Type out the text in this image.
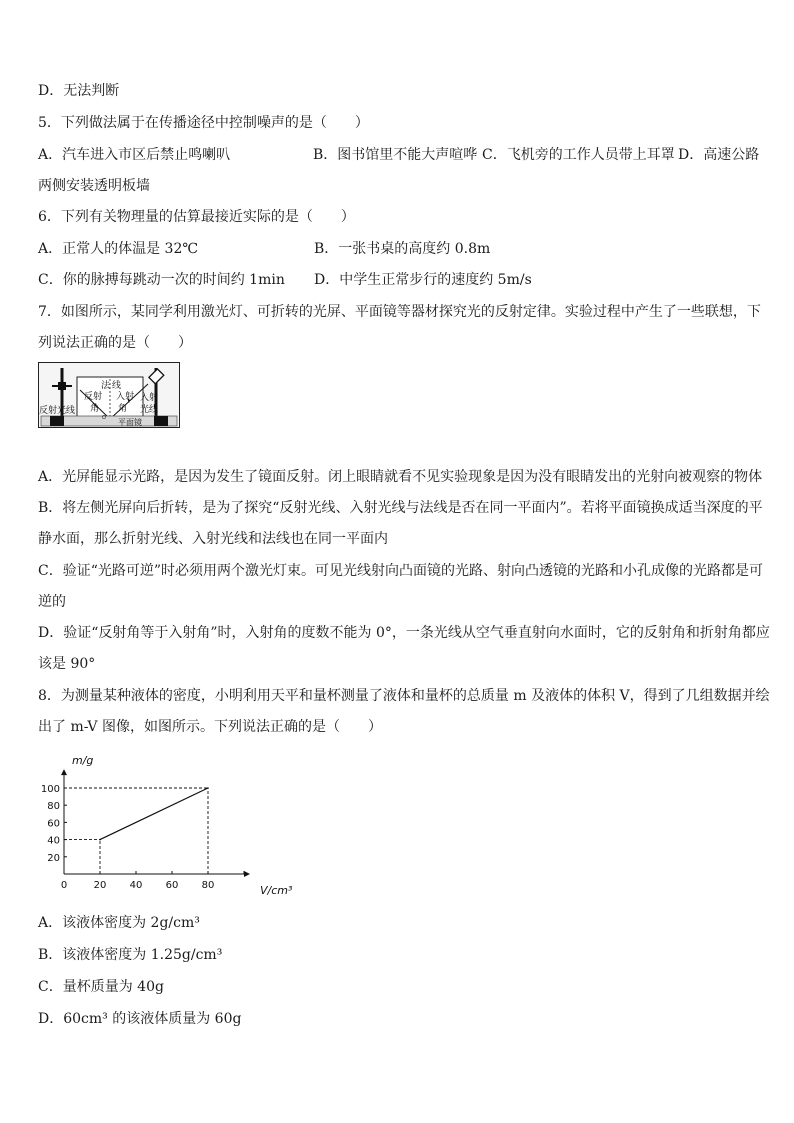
D．无法判断
5．下列做法属于在传播途径中控制噪声的是（　　）
A．汽车进入市区后禁止鸣喇叭	B．图书馆里不能大声喧哗 C．飞机旁的工作人员带上耳罩 D．高速公路
两侧安装透明板墙
6．下列有关物理量的估算最接近实际的是（　　）
A．正常人的体温是 32℃	B．一张书桌的高度约 0.8m
C．你的脉搏每跳动一次的时间约 1min D．中学生正常步行的速度约 5m/s
7．如图所示，某同学利用激光灯、可折转的光屏、平面镜等器材探究光的反射定律。实验过程中产生了一些联想，下
列说法正确的是（　　）
O
法 线
反射
角
入射
角
反射光线
入射
光线
平面镜
A．光屏能显示光路，是因为发生了镜面反射。闭上眼睛就看不见实验现象是因为没有眼睛发出的光射向被观察的物体
B．将左侧光屏向后折转，是为了探究“反射光线、入射光线与法线是否在同一平面内”。若将平面镜换成适当深度的平
静水面，那么折射光线、入射光线和法线也在同一平面内
C．验证“光路可逆”时必须用两个激光灯束。可见光线射向凸面镜的光路、射向凸透镜的光路和小孔成像的光路都是可
逆的
D．验证“反射角等于入射角”时，入射角的度数不能为 0°，一条光线从空气垂直射向水面时，它的反射角和折射角都应
该是 90°
8．为测量某种液体的密度，小明利用天平和量杯测量了液体和量杯的总质量 m 及液体的体积 V，得到了几组数据并绘
出了 m-V 图像，如图所示。下列说法正确的是（　　）
0	20 40 60 80
20
40
60
80
100
m/g
V/cm³
A．该液体密度为 2g/cm³
B．该液体密度为 1.25g/cm³
C．量杯质量为 40g
D．60cm³ 的该液体质量为 60g
